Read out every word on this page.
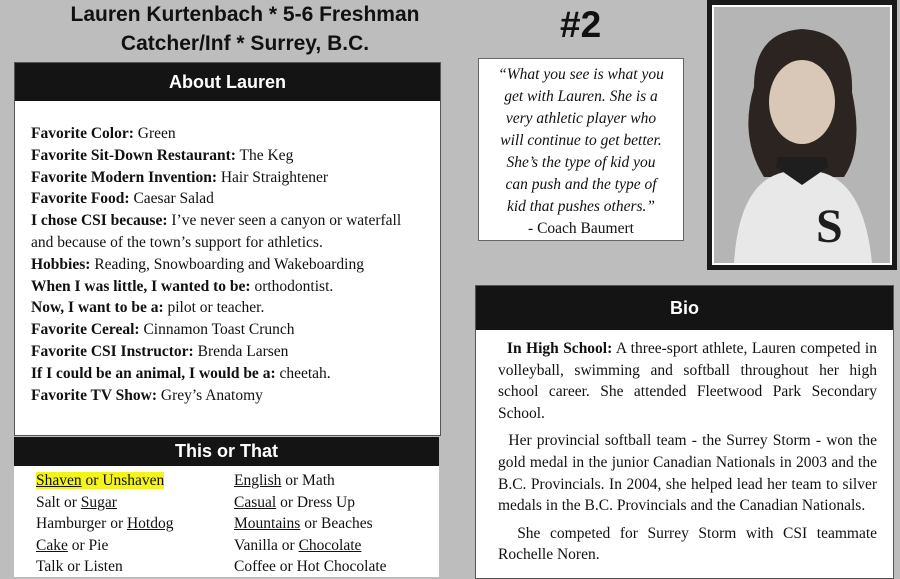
Lauren Kurtenbach * 5-6 Freshman
Catcher/Inf * Surrey, B.C.	#2
About Lauren
Favorite Color: Green
Favorite Sit-Down Restaurant: The Keg
Favorite Modern Invention: Hair Straightener
Favorite Food: Caesar Salad
I chose CSI because: I’ve never seen a canyon or waterfall and because of the town’s support for athletics.
Hobbies: Reading, Snowboarding and Wakeboarding
When I was little, I wanted to be: orthodontist.
Now, I want to be a: pilot or teacher.
Favorite Cereal: Cinnamon Toast Crunch
Favorite CSI Instructor: Brenda Larsen
If I could be an animal, I would be a: cheetah.
Favorite TV Show: Grey’s Anatomy
This or That
Shaven or Unshaven	English or Math
Salt or Sugar	Casual or Dress Up
Hamburger or Hotdog	Mountains or Beaches
Cake or Pie	Vanilla or Chocolate
Talk or Listen	Coffee or Hot Chocolate
“What you see is what you
get with Lauren. She is a
very athletic player who
will continue to get better.
She’s the type of kid you
can push and the type of
kid that pushes others.”
- Coach Baumert	S
Bio

In High School: A three-sport athlete, Lauren competed in volleyball, swimming and softball throughout her high school career. She attended Fleetwood Park Secondary School.

Her provincial softball team - the Surrey Storm - won the gold medal in the junior Canadian Nationals in 2003 and the B.C. Provincials. In 2004, she helped lead her team to silver medals in the B.C. Provincials and the Canadian Nationals.

She competed for Surrey Storm with CSI teammate Rochelle Noren.
